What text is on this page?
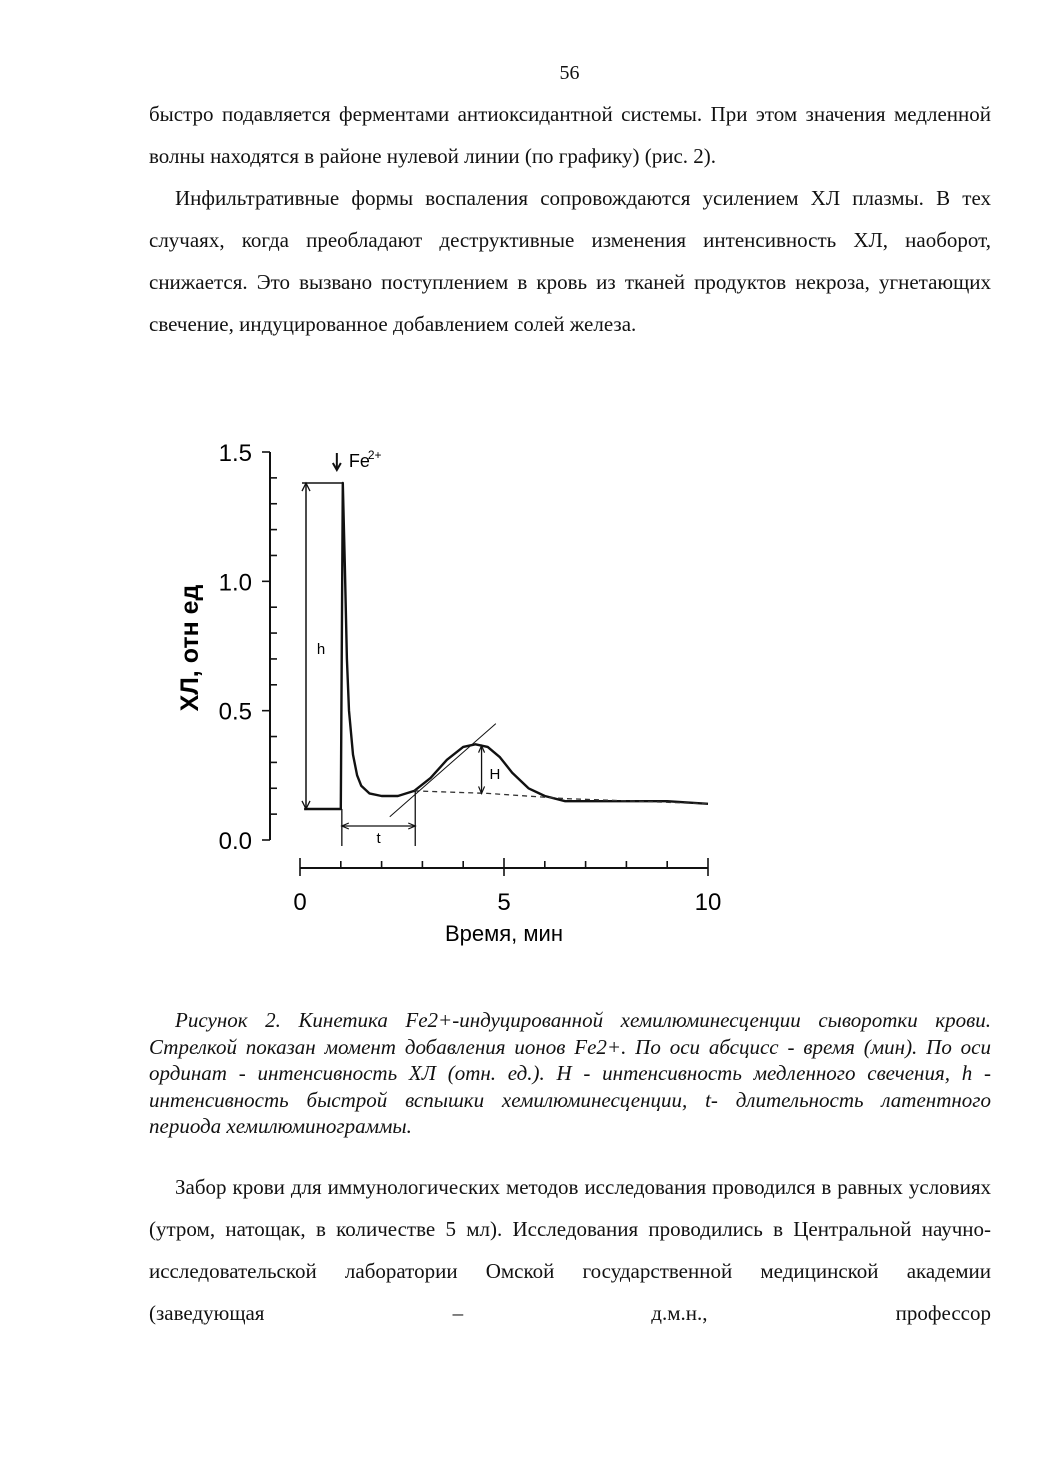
56

быстро подавляется ферментами антиоксидантной системы. При этом значения медленной волны находятся в районе нулевой линии (по графику) (рис. 2).

Инфильтративные формы воспаления сопровождаются усилением ХЛ плазмы. В тех случаях, когда преобладают деструктивные изменения интенсивность ХЛ, наоборот, снижается. Это вызвано поступлением в кровь из тканей продуктов некроза, угнетающих свечение, индуцированное добавлением солей железа.

0.0
0.5
1.0
1.5
ХЛ, отн ед
0	5	10
Время, мин
h
Fe
2+
H
t

Рисунок 2. Кинетика Fe2+-индуцированной хемилюминесценции сыворотки крови. Стрелкой показан момент добавления ионов Fe2+. По оси абсцисс - время (мин). По оси ординат - интенсивность ХЛ (отн. ед.). H - интенсивность медленного свечения, h - интенсивность быстрой вспышки хемилюминесценции, t- длительность латентного периода хемилюминограммы.

Забор крови для иммунологических методов исследования проводился в равных условиях (утром, натощак, в количестве 5 мл). Исследования проводились в Центральной научно-исследовательской лаборатории Омской государственной медицинской академии (заведующая – д.м.н., профессор
